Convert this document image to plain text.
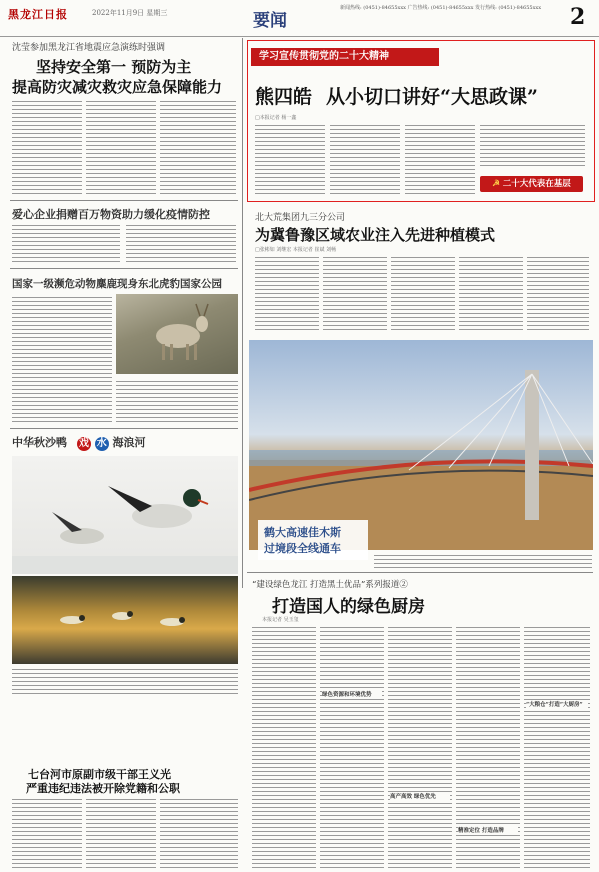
黑龙江日报	2022年11月9日 星期三	要闻
新闻热线: (0451)-84655xxx 广告热线: (0451)-84655xxx 发行热线: (0451)-84655xxx	2
沈莹参加黑龙江省地震应急演练时强调
坚持安全第一 预防为主
提高防灾减灾救灾应急保障能力
爱心企业捐赠百万物资助力缓化疫情防控
国家一级濒危动物麋鹿现身东北虎豹国家公园
中华秋沙鸭 戏 水 海浪河
七台河市原副市级干部王义光
严重违纪违法被开除党籍和公职
学习宣传贯彻党的二十大精神
熊四皓 从小切口讲好“大思政课”
□本报记者 杨一鑫
☭ 二十大代表在基层
北大荒集团九三分公司
为冀鲁豫区域农业注入先进种植模式
□张彬如 刘继宏 本报记者 崔斌 刘畅
鹤大高速佳木斯
过境段全线通车
“建设绿色龙江 打造黑土优品”系列报道②
打造国人的绿色厨房
本报记者 吴玉玺
绿色资源和环境优势
高产高效 绿色优先
精准定位 打造品牌
“大粮仓”打造“大厨房”
